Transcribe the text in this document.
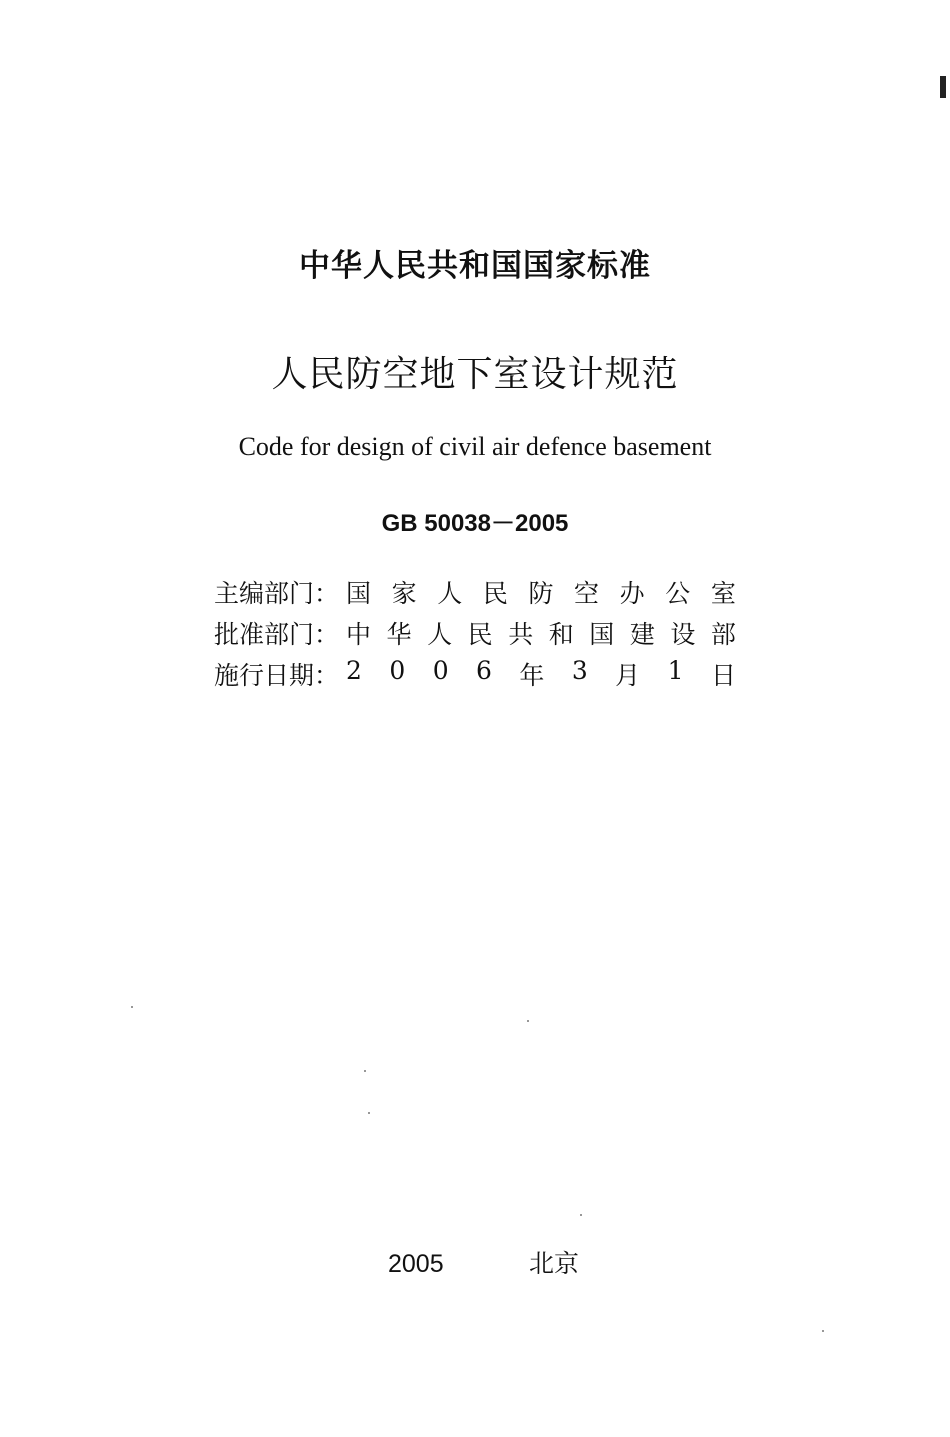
中华人民共和国国家标准
人民防空地下室设计规范
Code for design of civil air defence basement
GB 50038－2005
主编部门： 国 家 人 民 防 空 办 公 室
批准部门： 中 华 人 民 共 和 国 建 设 部
施行日期： 2 0 0 6 年 3 月 1 日
2005	北京
